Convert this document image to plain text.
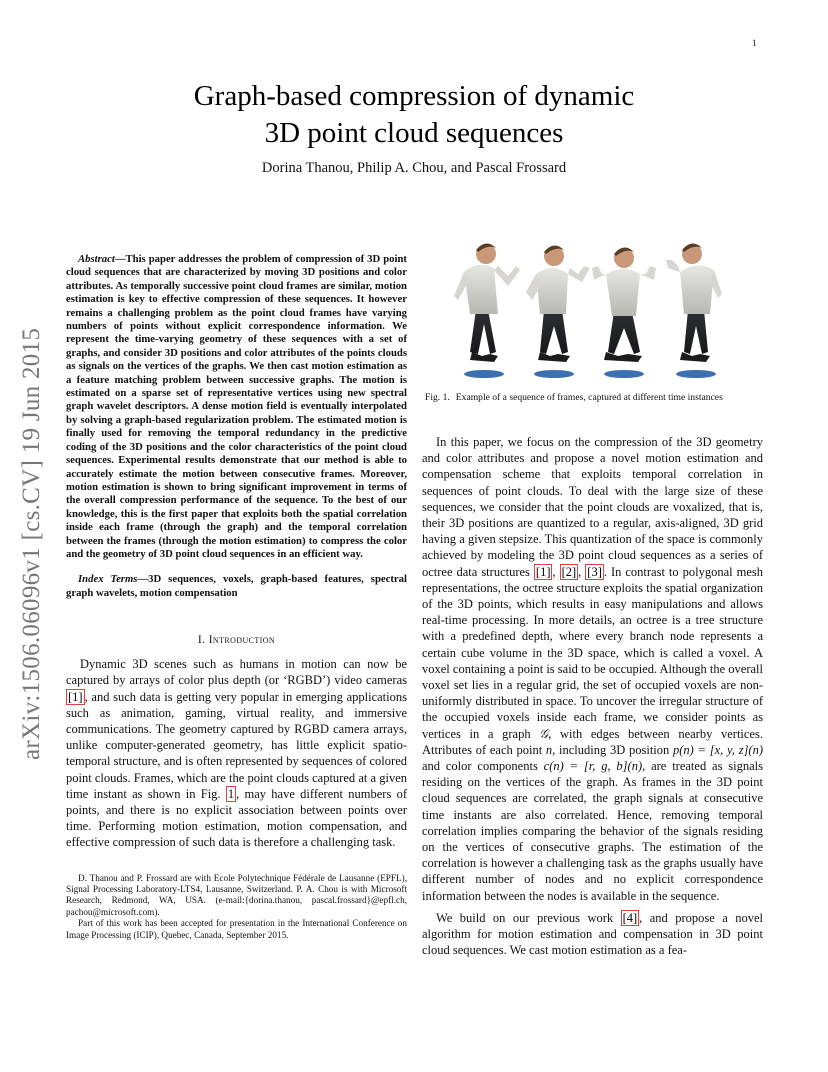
1
arXiv:1506.06096v1 [cs.CV] 19 Jun 2015
Graph-based compression of dynamic
3D point cloud sequences
Dorina Thanou, Philip A. Chou, and Pascal Frossard

Abstract—This paper addresses the problem of compression of 3D point cloud sequences that are characterized by moving 3D positions and color attributes. As temporally successive point cloud frames are similar, motion estimation is key to effective compression of these sequences. It however remains a challenging problem as the point cloud frames have varying numbers of points without explicit correspondence information. We represent the time-varying geometry of these sequences with a set of graphs, and consider 3D positions and color attributes of the points clouds as signals on the vertices of the graphs. We then cast motion estimation as a feature matching problem between successive graphs. The motion is estimated on a sparse set of representative vertices using new spectral graph wavelet descriptors. A dense motion field is eventually interpolated by solving a graph-based regularization problem. The estimated motion is finally used for removing the temporal redundancy in the predictive coding of the 3D positions and the color characteristics of the point cloud sequences. Experimental results demonstrate that our method is able to accurately estimate the motion between consecutive frames. Moreover, motion estimation is shown to bring significant improvement in terms of the overall compression performance of the sequence. To the best of our knowledge, this is the first paper that exploits both the spatial correlation inside each frame (through the graph) and the temporal correlation between the frames (through the motion estimation) to compress the color and the geometry of 3D point cloud sequences in an efficient way.

Index Terms—3D sequences, voxels, graph-based features, spectral graph wavelets, motion compensation

I. Introduction

Dynamic 3D scenes such as humans in motion can now be captured by arrays of color plus depth (or ‘RGBD’) video cameras [1] , and such data is getting very popular in emerging applications such as animation, gaming, virtual reality, and immersive communications. The geometry captured by RGBD camera arrays, unlike computer-generated geometry, has little explicit spatio-temporal structure, and is often represented by sequences of colored point clouds. Frames, which are the point clouds captured at a given time instant as shown in Fig. 1 , may have different numbers of points, and there is no explicit association between points over time. Performing motion estimation, motion compensation, and effective compression of such data is therefore a challenging task.

D. Thanou and P. Frossard are with Ecole Polytechnique Fédérale de Lausanne (EPFL), Signal Processing Laboratory-LTS4, Lausanne, Switzerland. P. A. Chou is with Microsoft Research, Redmond, WA, USA. (e-mail:{dorina.thanou, pascal.frossard}@epfl.ch, pachou@microsoft.com).

Part of this work has been accepted for presentation in the International Conference on Image Processing (ICIP), Quebec, Canada, September 2015.

Fig. 1. Example of a sequence of frames, captured at different time instances

In this paper, we focus on the compression of the 3D geometry and color attributes and propose a novel motion estimation and compensation scheme that exploits temporal correlation in sequences of point clouds. To deal with the large size of these sequences, we consider that the point clouds are voxalized, that is, their 3D positions are quantized to a regular, axis-aligned, 3D grid having a given stepsize. This quantization of the space is commonly achieved by modeling the 3D point cloud sequences as a series of octree data structures [1] , [2] , [3] . In contrast to polygonal mesh representations, the octree structure exploits the spatial organization of the 3D points, which results in easy manipulations and allows real-time processing. In more details, an octree is a tree structure with a predefined depth, where every branch node represents a certain cube volume in the 3D space, which is called a voxel. A voxel containing a point is said to be occupied. Although the overall voxel set lies in a regular grid, the set of occupied voxels are non-uniformly distributed in space. To uncover the irregular structure of the occupied voxels inside each frame, we consider points as vertices in a graph 𝒢, with edges between nearby vertices. Attributes of each point n, including 3D position p(n) = [x, y, z](n) and color components c(n) = [r, g, b](n), are treated as signals residing on the vertices of the graph. As frames in the 3D point cloud sequences are correlated, the graph signals at consecutive time instants are also correlated. Hence, removing temporal correlation implies comparing the behavior of the signals residing on the vertices of consecutive graphs. The estimation of the correlation is however a challenging task as the graphs usually have different number of nodes and no explicit correspondence information between the nodes is available in the sequence.

We build on our previous work [4] , and propose a novel algorithm for motion estimation and compensation in 3D point cloud sequences. We cast motion estimation as a fea-
